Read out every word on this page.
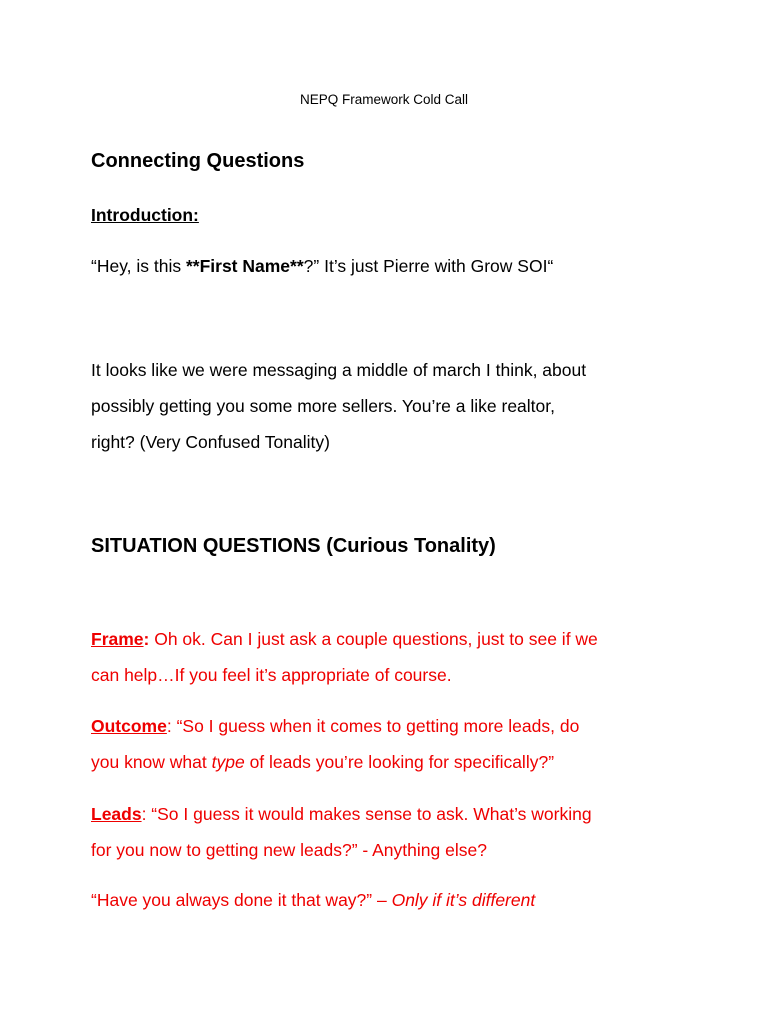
NEPQ Framework Cold Call
Connecting Questions
Introduction:
“Hey, is this **First Name**?” It’s just Pierre with Grow SOI“
It looks like we were messaging a middle of march I think, about
possibly getting you some more sellers. You’re a like realtor,
right? (Very Confused Tonality)
SITUATION QUESTIONS (Curious Tonality)
Frame: Oh ok. Can I just ask a couple questions, just to see if we
can help…If you feel it’s appropriate of course.
Outcome: “So I guess when it comes to getting more leads, do
you know what type of leads you’re looking for specifically?”
Leads: “So I guess it would makes sense to ask. What’s working
for you now to getting new leads?” - Anything else?
“Have you always done it that way?” – Only if it’s different
